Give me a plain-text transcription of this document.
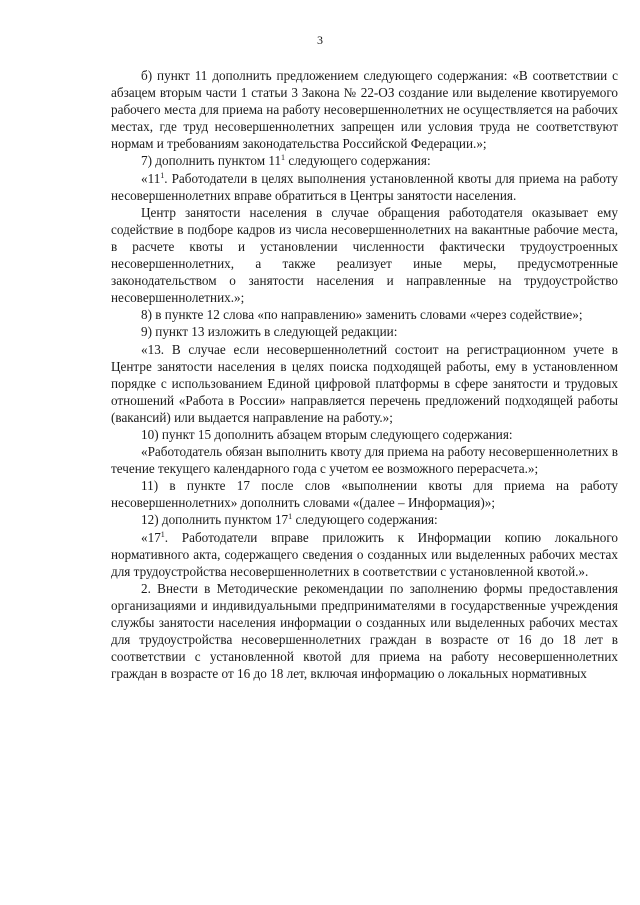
3

б) пункт 11 дополнить предложением следующего содержания: «В соответствии с абзацем вторым части 1 статьи 3 Закона № 22-ОЗ создание или выделение квотируемого рабочего места для приема на работу несовершеннолетних не осуществляется на рабочих местах, где труд несовершеннолетних запрещен или условия труда не соответствуют нормам и требованиям законодательства Российской Федерации.»;

7) дополнить пунктом $11^1$ следующего содержания:

«$11^1$. Работодатели в целях выполнения установленной квоты для приема на работу несовершеннолетних вправе обратиться в Центры занятости населения.

Центр занятости населения в случае обращения работодателя оказывает ему содействие в подборе кадров из числа несовершеннолетних на вакантные рабочие места, в расчете квоты и установлении численности фактически трудоустроенных несовершеннолетних, а также реализует иные меры, предусмотренные законодательством о занятости населения и направленные на трудоустройство несовершеннолетних.»;

8) в пункте 12 слова «по направлению» заменить словами «через содействие»;

9) пункт 13 изложить в следующей редакции:

«13. В случае если несовершеннолетний состоит на регистрационном учете в Центре занятости населения в целях поиска подходящей работы, ему в установленном порядке с использованием Единой цифровой платформы в сфере занятости и трудовых отношений «Работа в России» направляется перечень предложений подходящей работы (вакансий) или выдается направление на работу.»;

10) пункт 15 дополнить абзацем вторым следующего содержания:

«Работодатель обязан выполнить квоту для приема на работу несовершеннолетних в течение текущего календарного года с учетом ее возможного перерасчета.»;

11) в пункте 17 после слов «выполнении квоты для приема на работу несовершеннолетних» дополнить словами «(далее – Информация)»;

12) дополнить пунктом $17^1$ следующего содержания:

«$17^1$. Работодатели вправе приложить к Информации копию локального нормативного акта, содержащего сведения о созданных или выделенных рабочих местах для трудоустройства несовершеннолетних в соответствии с установленной квотой.».

2. Внести в Методические рекомендации по заполнению формы предоставления организациями и индивидуальными предпринимателями в государственные учреждения службы занятости населения информации о созданных или выделенных рабочих местах для трудоустройства несовершеннолетних граждан в возрасте от 16 до 18 лет в соответствии с установленной квотой для приема на работу несовершеннолетних граждан в возрасте от 16 до 18 лет, включая информацию о локальных нормативных
